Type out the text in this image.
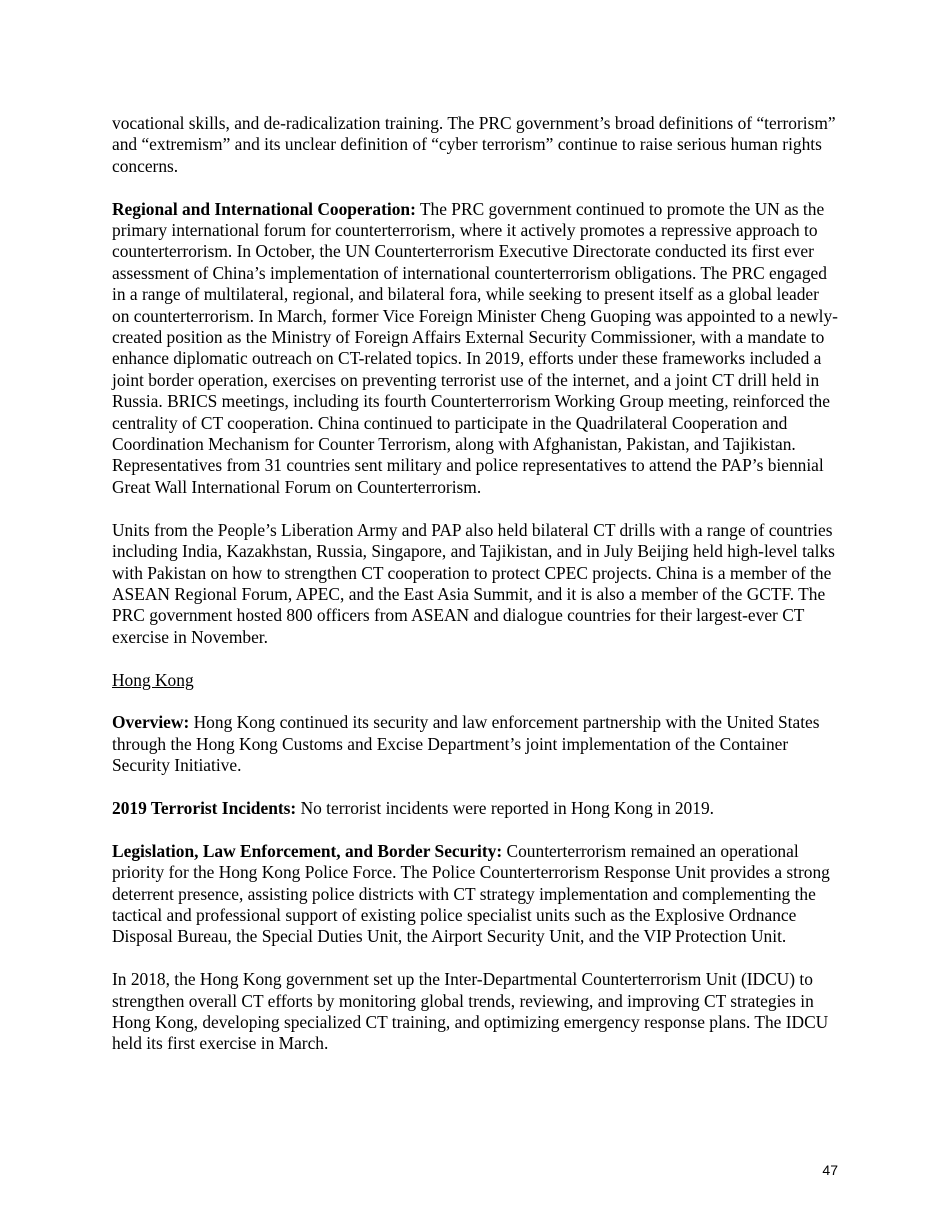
vocational skills, and de-radicalization training. The PRC government’s broad definitions of “terrorism” and “extremism” and its unclear definition of “cyber terrorism” continue to raise serious human rights concerns.

Regional and International Cooperation: The PRC government continued to promote the UN as the primary international forum for counterterrorism, where it actively promotes a repressive approach to counterterrorism. In October, the UN Counterterrorism Executive Directorate conducted its first ever assessment of China’s implementation of international counterterrorism obligations. The PRC engaged in a range of multilateral, regional, and bilateral fora, while seeking to present itself as a global leader on counterterrorism. In March, former Vice Foreign Minister Cheng Guoping was appointed to a newly-created position as the Ministry of Foreign Affairs External Security Commissioner, with a mandate to enhance diplomatic outreach on CT-related topics. In 2019, efforts under these frameworks included a joint border operation, exercises on preventing terrorist use of the internet, and a joint CT drill held in Russia. BRICS meetings, including its fourth Counterterrorism Working Group meeting, reinforced the centrality of CT cooperation. China continued to participate in the Quadrilateral Cooperation and Coordination Mechanism for Counter Terrorism, along with Afghanistan, Pakistan, and Tajikistan. Representatives from 31 countries sent military and police representatives to attend the PAP’s biennial Great Wall International Forum on Counterterrorism.

Units from the People’s Liberation Army and PAP also held bilateral CT drills with a range of countries including India, Kazakhstan, Russia, Singapore, and Tajikistan, and in July Beijing held high-level talks with Pakistan on how to strengthen CT cooperation to protect CPEC projects. China is a member of the ASEAN Regional Forum, APEC, and the East Asia Summit, and it is also a member of the GCTF. The PRC government hosted 800 officers from ASEAN and dialogue countries for their largest-ever CT exercise in November.

Hong Kong

Overview: Hong Kong continued its security and law enforcement partnership with the United States through the Hong Kong Customs and Excise Department’s joint implementation of the Container Security Initiative.

2019 Terrorist Incidents: No terrorist incidents were reported in Hong Kong in 2019.

Legislation, Law Enforcement, and Border Security: Counterterrorism remained an operational priority for the Hong Kong Police Force. The Police Counterterrorism Response Unit provides a strong deterrent presence, assisting police districts with CT strategy implementation and complementing the tactical and professional support of existing police specialist units such as the Explosive Ordnance Disposal Bureau, the Special Duties Unit, the Airport Security Unit, and the VIP Protection Unit.

In 2018, the Hong Kong government set up the Inter-Departmental Counterterrorism Unit (IDCU) to strengthen overall CT efforts by monitoring global trends, reviewing, and improving CT strategies in Hong Kong, developing specialized CT training, and optimizing emergency response plans. The IDCU held its first exercise in March.

47
